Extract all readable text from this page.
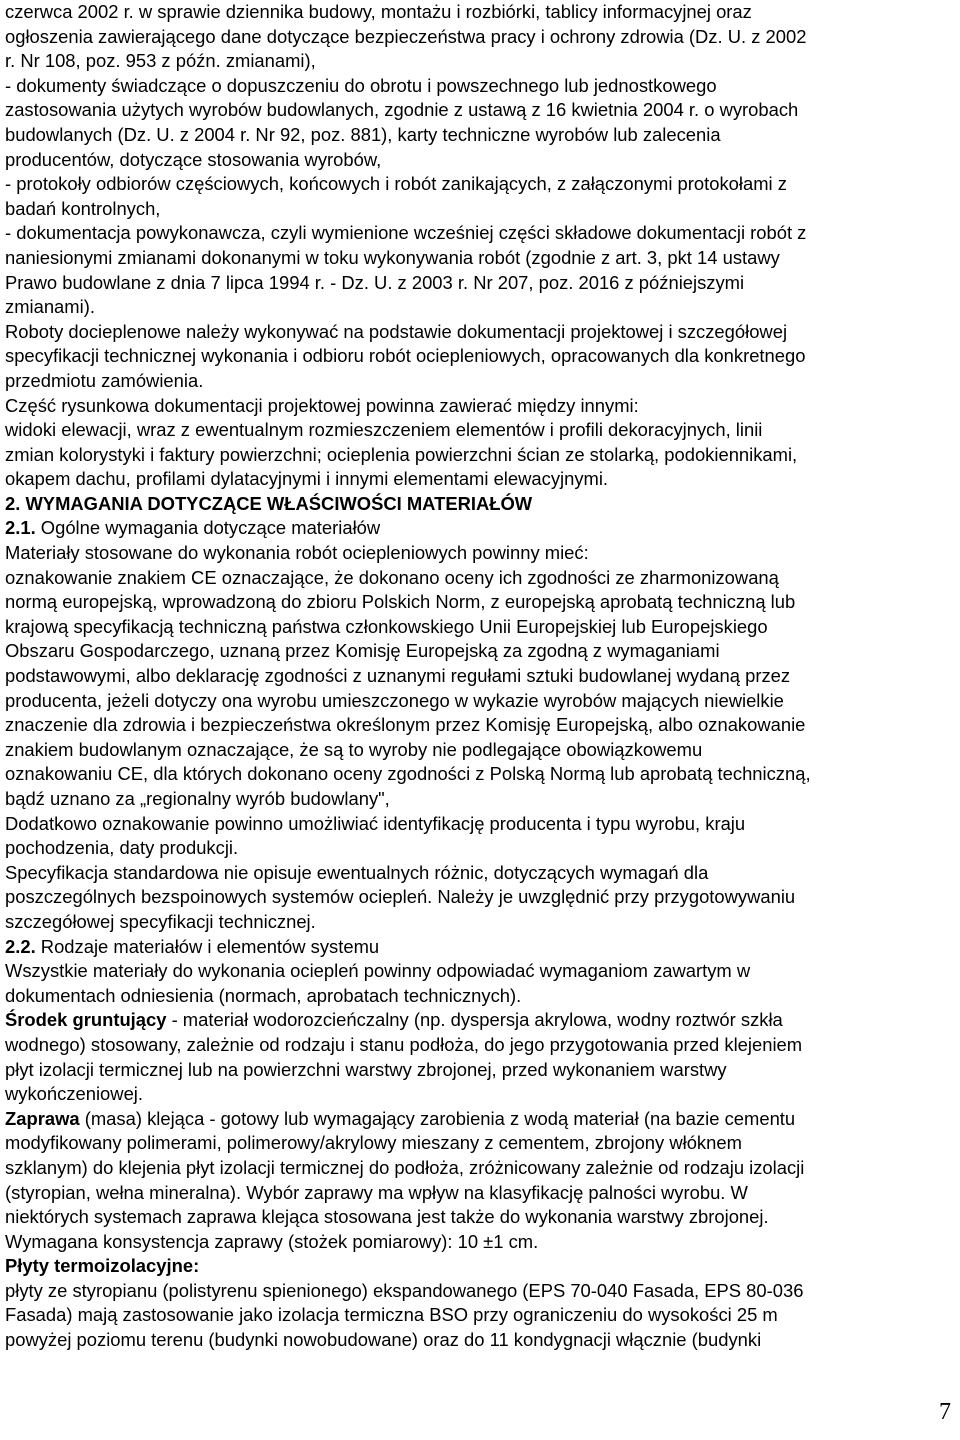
czerwca 2002 r. w sprawie dziennika budowy, montażu i rozbiórki, tablicy informacyjnej oraz
ogłoszenia zawierającego dane dotyczące bezpieczeństwa pracy i ochrony zdrowia (Dz. U. z 2002
r. Nr 108, poz. 953 z późn. zmianami),

- dokumenty świadczące o dopuszczeniu do obrotu i powszechnego lub jednostkowego
zastosowania użytych wyrobów budowlanych, zgodnie z ustawą z 16 kwietnia 2004 r. o wyrobach
budowlanych (Dz. U. z 2004 r. Nr 92, poz. 881), karty techniczne wyrobów lub zalecenia
producentów, dotyczące stosowania wyrobów,

- protokoły odbiorów częściowych, końcowych i robót zanikających, z załączonymi protokołami z
badań kontrolnych,

- dokumentacja powykonawcza, czyli wymienione wcześniej części składowe dokumentacji robót z
naniesionymi zmianami dokonanymi w toku wykonywania robót (zgodnie z art. 3, pkt 14 ustawy
Prawo budowlane z dnia 7 lipca 1994 r. - Dz. U. z 2003 r. Nr 207, poz. 2016 z późniejszymi
zmianami).

Roboty docieplenowe należy wykonywać na podstawie dokumentacji projektowej i szczegółowej
specyfikacji technicznej wykonania i odbioru robót ociepleniowych, opracowanych dla konkretnego
przedmiotu zamówienia.

Część rysunkowa dokumentacji projektowej powinna zawierać między innymi:

widoki elewacji, wraz z ewentualnym rozmieszczeniem elementów i profili dekoracyjnych, linii
zmian kolorystyki i faktury powierzchni; ocieplenia powierzchni ścian ze stolarką, podokiennikami,
okapem dachu, profilami dylatacyjnymi i innymi elementami elewacyjnymi.

2. WYMAGANIA DOTYCZĄCE WŁAŚCIWOŚCI MATERIAŁÓW

2.1. Ogólne wymagania dotyczące materiałów

Materiały stosowane do wykonania robót ociepleniowych powinny mieć:

oznakowanie znakiem CE oznaczające, że dokonano oceny ich zgodności ze zharmonizowaną
normą europejską, wprowadzoną do zbioru Polskich Norm, z europejską aprobatą techniczną lub
krajową specyfikacją techniczną państwa członkowskiego Unii Europejskiej lub Europejskiego
Obszaru Gospodarczego, uznaną przez Komisję Europejską za zgodną z wymaganiami
podstawowymi, albo deklarację zgodności z uznanymi regułami sztuki budowlanej wydaną przez
producenta, jeżeli dotyczy ona wyrobu umieszczonego w wykazie wyrobów mających niewielkie
znaczenie dla zdrowia i bezpieczeństwa określonym przez Komisję Europejską, albo oznakowanie
znakiem budowlanym oznaczające, że są to wyroby nie podlegające obowiązkowemu
oznakowaniu CE, dla których dokonano oceny zgodności z Polską Normą lub aprobatą techniczną,
bądź uznano za „regionalny wyrób budowlany",

Dodatkowo oznakowanie powinno umożliwiać identyfikację producenta i typu wyrobu, kraju
pochodzenia, daty produkcji.

Specyfikacja standardowa nie opisuje ewentualnych różnic, dotyczących wymagań dla
poszczególnych bezspoinowych systemów ociepleń. Należy je uwzględnić przy przygotowywaniu
szczegółowej specyfikacji technicznej.

2.2. Rodzaje materiałów i elementów systemu

Wszystkie materiały do wykonania ociepleń powinny odpowiadać wymaganiom zawartym w
dokumentach odniesienia (normach, aprobatach technicznych).

Środek gruntujący - materiał wodorozcieńczalny (np. dyspersja akrylowa, wodny roztwór szkła
wodnego) stosowany, zależnie od rodzaju i stanu podłoża, do jego przygotowania przed klejeniem
płyt izolacji termicznej lub na powierzchni warstwy zbrojonej, przed wykonaniem warstwy
wykończeniowej.

Zaprawa (masa) klejąca - gotowy lub wymagający zarobienia z wodą materiał (na bazie cementu
modyfikowany polimerami, polimerowy/akrylowy mieszany z cementem, zbrojony włóknem
szklanym) do klejenia płyt izolacji termicznej do podłoża, zróżnicowany zależnie od rodzaju izolacji
(styropian, wełna mineralna). Wybór zaprawy ma wpływ na klasyfikację palności wyrobu. W
niektórych systemach zaprawa klejąca stosowana jest także do wykonania warstwy zbrojonej.
Wymagana konsystencja zaprawy (stożek pomiarowy): 10 ±1 cm.

Płyty termoizolacyjne:

płyty ze styropianu (polistyrenu spienionego) ekspandowanego (EPS 70-040 Fasada, EPS 80-036
Fasada) mają zastosowanie jako izolacja termiczna BSO przy ograniczeniu do wysokości 25 m
powyżej poziomu terenu (budynki nowobudowane) oraz do 11 kondygnacji włącznie (budynki

7
